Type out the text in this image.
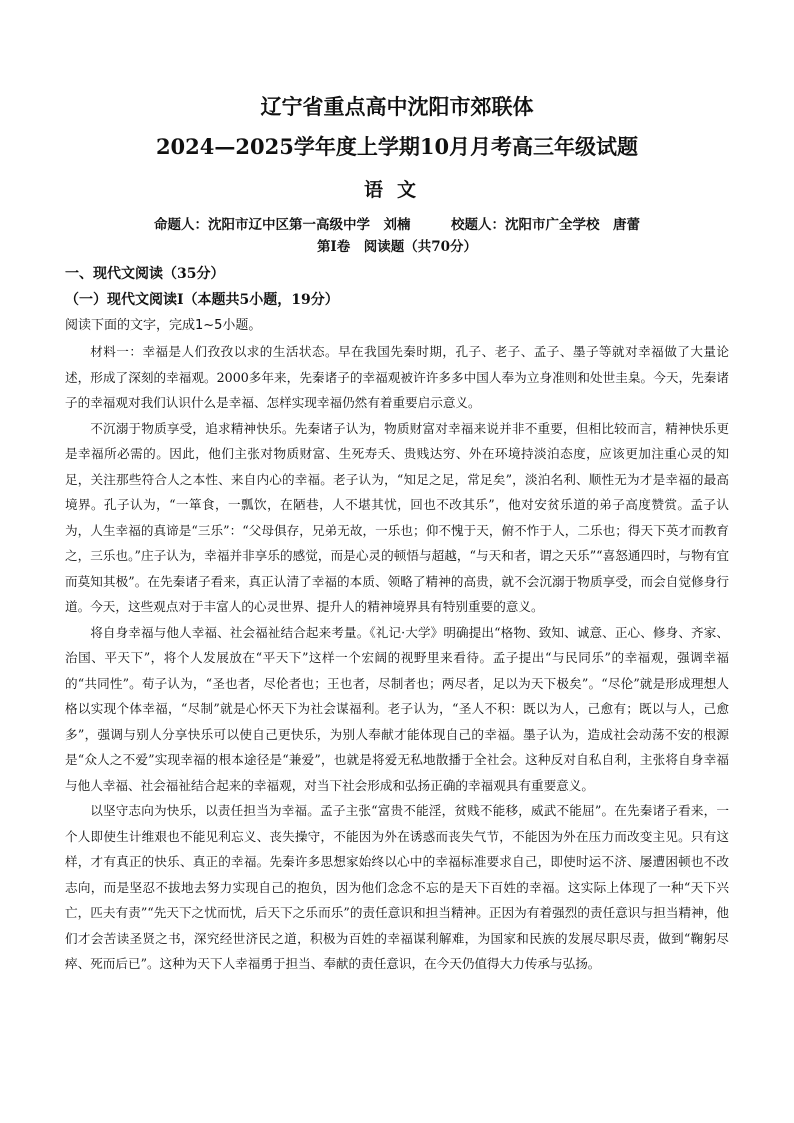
辽宁省重点高中沈阳市郊联体
2024—2025学年度上学期10月月考高三年级试题
语文
命题人：沈阳市辽中区第一高级中学　刘楠　　　校题人：沈阳市广全学校　唐蕾
第Ⅰ卷　阅读题（共70分）
一、现代文阅读（35分）
（一）现代文阅读Ⅰ（本题共5小题，19分）
阅读下面的文字，完成1~5小题。

材料一：幸福是人们孜孜以求的生活状态。早在我国先秦时期，孔子、老子、孟子、墨子等就对幸福做了大量论述，形成了深刻的幸福观。2000多年来，先秦诸子的幸福观被许许多多中国人奉为立身准则和处世圭臬。今天，先秦诸子的幸福观对我们认识什么是幸福、怎样实现幸福仍然有着重要启示意义。

不沉溺于物质享受，追求精神快乐。先秦诸子认为，物质财富对幸福来说并非不重要，但相比较而言，精神快乐更是幸福所必需的。因此，他们主张对物质财富、生死寿夭、贵贱达穷、外在环境持淡泊态度，应该更加注重心灵的知足，关注那些符合人之本性、来自内心的幸福。老子认为，“知足之足，常足矣”，淡泊名利、顺性无为才是幸福的最高境界。孔子认为，“一箪食，一瓢饮，在陋巷，人不堪其忧，回也不改其乐”，他对安贫乐道的弟子高度赞赏。孟子认为，人生幸福的真谛是“三乐”：“父母俱存，兄弟无故，一乐也；仰不愧于天，俯不怍于人，二乐也；得天下英才而教育之，三乐也。”庄子认为，幸福并非享乐的感觉，而是心灵的顿悟与超越，“与天和者，谓之天乐”“喜怒通四时，与物有宜而莫知其极”。在先秦诸子看来，真正认清了幸福的本质、领略了精神的高贵，就不会沉溺于物质享受，而会自觉修身行道。今天，这些观点对于丰富人的心灵世界、提升人的精神境界具有特别重要的意义。

将自身幸福与他人幸福、社会福祉结合起来考量。《礼记·大学》明确提出“格物、致知、诚意、正心、修身、齐家、治国、平天下”，将个人发展放在“平天下”这样一个宏阔的视野里来看待。孟子提出“与民同乐”的幸福观，强调幸福的“共同性”。荀子认为，“圣也者，尽伦者也；王也者，尽制者也；两尽者，足以为天下极矣”。“尽伦”就是形成理想人格以实现个体幸福，“尽制”就是心怀天下为社会谋福利。老子认为，“圣人不积：既以为人，己愈有；既以与人，己愈多”，强调与别人分享快乐可以使自己更快乐，为别人奉献才能体现自己的幸福。墨子认为，造成社会动荡不安的根源是“众人之不爱”实现幸福的根本途径是“兼爱”，也就是将爱无私地散播于全社会。这种反对自私自利，主张将自身幸福与他人幸福、社会福祉结合起来的幸福观，对当下社会形成和弘扬正确的幸福观具有重要意义。

以坚守志向为快乐，以责任担当为幸福。孟子主张“富贵不能淫，贫贱不能移，威武不能屈”。在先秦诸子看来，一个人即使生计维艰也不能见利忘义、丧失操守，不能因为外在诱惑而丧失气节，不能因为外在压力而改变主见。只有这样，才有真正的快乐、真正的幸福。先秦许多思想家始终以心中的幸福标准要求自己，即使时运不济、屡遭困顿也不改志向，而是坚忍不拔地去努力实现自己的抱负，因为他们念念不忘的是天下百姓的幸福。这实际上体现了一种“天下兴亡，匹夫有责”“先天下之忧而忧，后天下之乐而乐”的责任意识和担当精神。正因为有着强烈的责任意识与担当精神，他们才会苦读圣贤之书，深究经世济民之道，积极为百姓的幸福谋利解难，为国家和民族的发展尽职尽责，做到“鞠躬尽瘁、死而后已”。这种为天下人幸福勇于担当、奉献的责任意识，在今天仍值得大力传承与弘扬。
